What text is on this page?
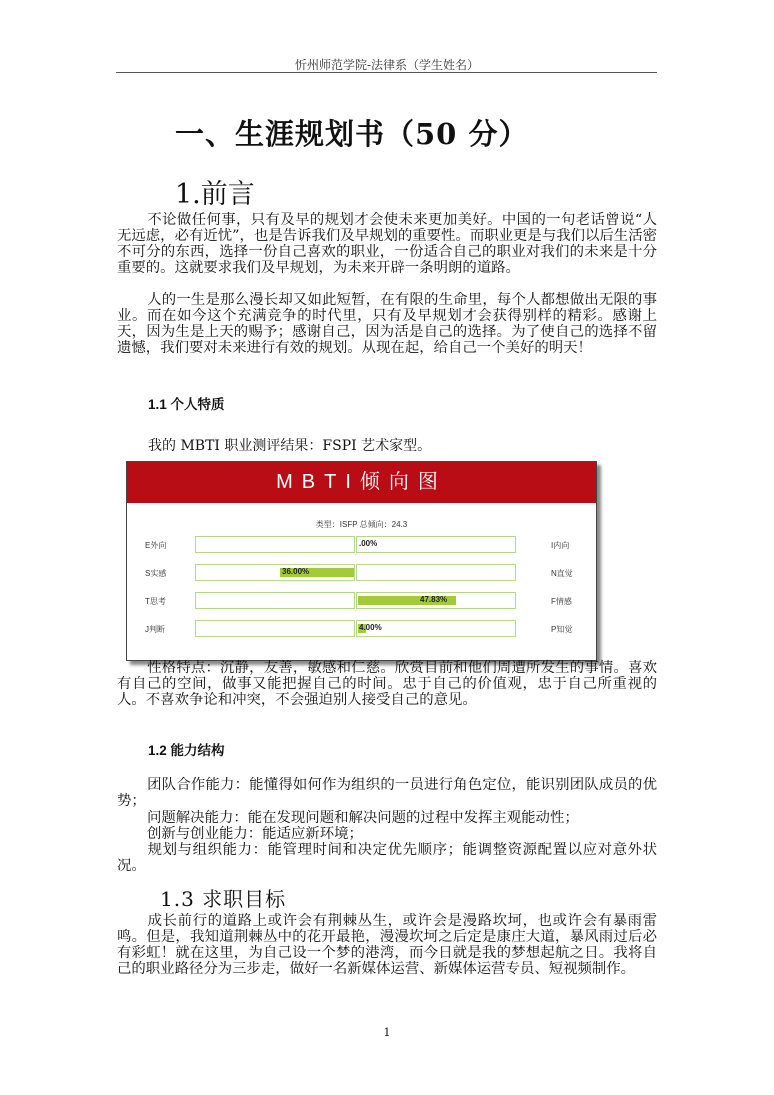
忻州师范学院-法律系（学生姓名）
一、生涯规划书（50 分）
1.前言
不论做任何事，只有及早的规划才会使未来更加美好。中国的一句老话曾说“人无远虑，必有近忧”，也是告诉我们及早规划的重要性。而职业更是与我们以后生活密不可分的东西，选择一份自己喜欢的职业，一份适合自己的职业对我们的未来是十分重要的。这就要求我们及早规划，为未来开辟一条明朗的道路。
人的一生是那么漫长却又如此短暂，在有限的生命里，每个人都想做出无限的事业。而在如今这个充满竞争的时代里，只有及早规划才会获得别样的精彩。感谢上天，因为生是上天的赐予；感谢自己，因为活是自己的选择。为了使自己的选择不留遗憾，我们要对未来进行有效的规划。从现在起，给自己一个美好的明天！
1.1 个人特质
我的 MBTI 职业测评结果：FSPI 艺术家型。
MBTI倾向图
类型：ISFP 总倾向：24.3
E外向	I内向
.00%
S实感	N直觉
36.00%
T思考	F情感
47.83%
J判断	P知觉
4.00%
性格特点：沉静，友善，敏感和仁慈。欣赏目前和他们周遭所发生的事情。喜欢有自己的空间，做事又能把握自己的时间。忠于自己的价值观，忠于自己所重视的人。不喜欢争论和冲突，不会强迫别人接受自己的意见。
1.2 能力结构
团队合作能力：能懂得如何作为组织的一员进行角色定位，能识别团队成员的优势；
问题解决能力：能在发现问题和解决问题的过程中发挥主观能动性；
创新与创业能力：能适应新环境；
规划与组织能力：能管理时间和决定优先顺序；能调整资源配置以应对意外状况。
1.3 求职目标
成长前行的道路上或许会有荆棘丛生，或许会是漫路坎坷，也或许会有暴雨雷鸣。但是，我知道荆棘丛中的花开最艳，漫漫坎坷之后定是康庄大道，暴风雨过后必有彩虹！就在这里，为自己设一个梦的港湾，而今日就是我的梦想起航之日。我将自己的职业路径分为三步走，做好一名新媒体运营、新媒体运营专员、短视频制作。
1
